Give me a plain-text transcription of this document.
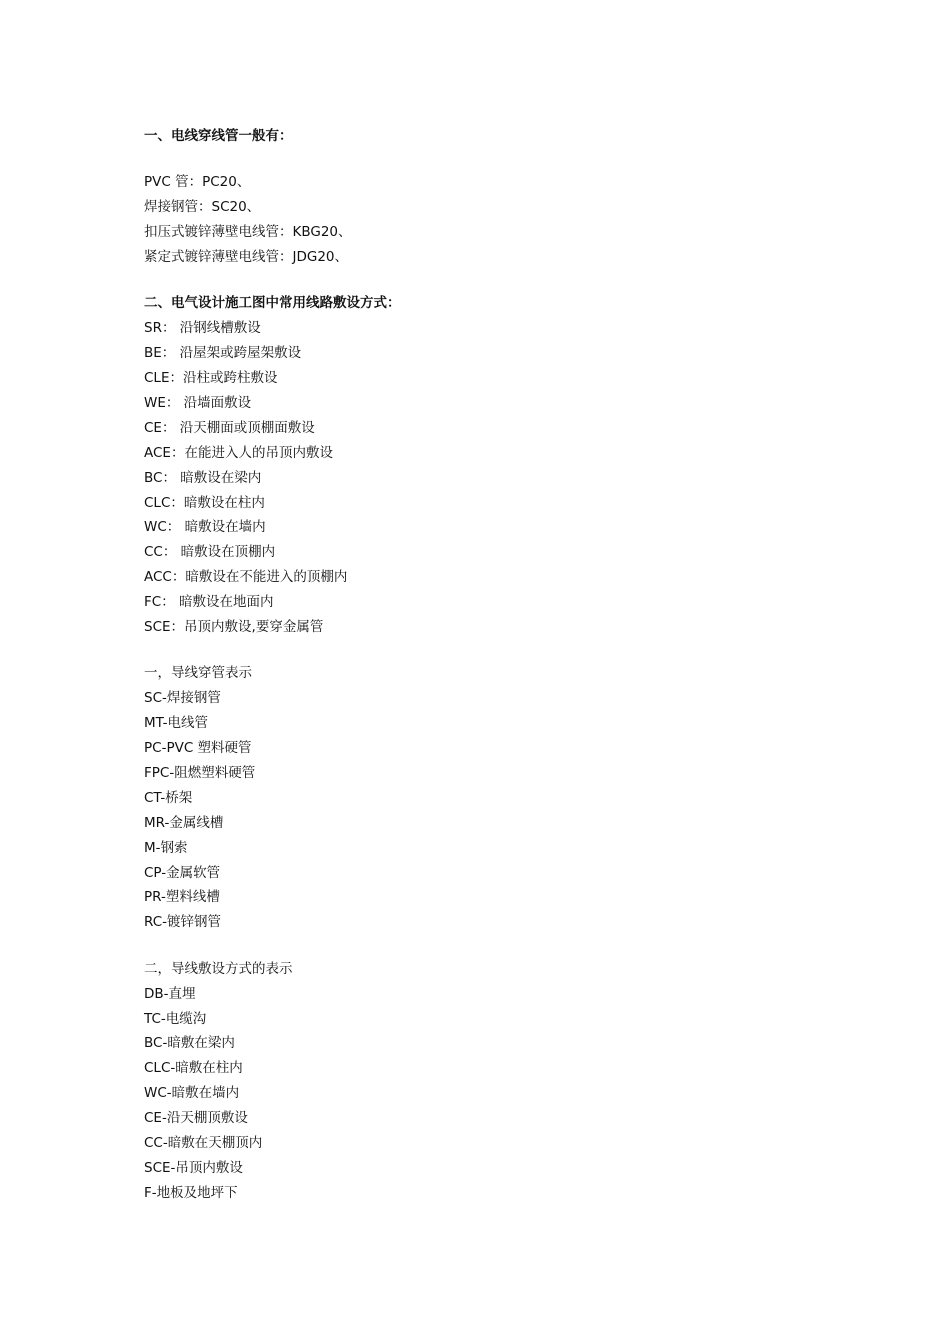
一、电线穿线管一般有：
PVC 管：PC20、
焊接钢管：SC20、
扣压式镀锌薄壁电线管：KBG20、
紧定式镀锌薄壁电线管：JDG20、
二、电气设计施工图中常用线路敷设方式：
SR： 沿钢线槽敷设
BE： 沿屋架或跨屋架敷设
CLE：沿柱或跨柱敷设
WE： 沿墙面敷设
CE： 沿天棚面或顶棚面敷设
ACE：在能进入人的吊顶内敷设
BC： 暗敷设在梁内
CLC：暗敷设在柱内
WC： 暗敷设在墙内
CC： 暗敷设在顶棚内
ACC：暗敷设在不能进入的顶棚内
FC： 暗敷设在地面内
SCE：吊顶内敷设,要穿金属管
一，导线穿管表示
SC-焊接钢管
MT-电线管
PC-PVC 塑料硬管
FPC-阻燃塑料硬管
CT-桥架
MR-金属线槽
M-钢索
CP-金属软管
PR-塑料线槽
RC-镀锌钢管
二，导线敷设方式的表示
DB-直埋
TC-电缆沟
BC-暗敷在梁内
CLC-暗敷在柱内
WC-暗敷在墙内
CE-沿天棚顶敷设
CC-暗敷在天棚顶内
SCE-吊顶内敷设
F-地板及地坪下
